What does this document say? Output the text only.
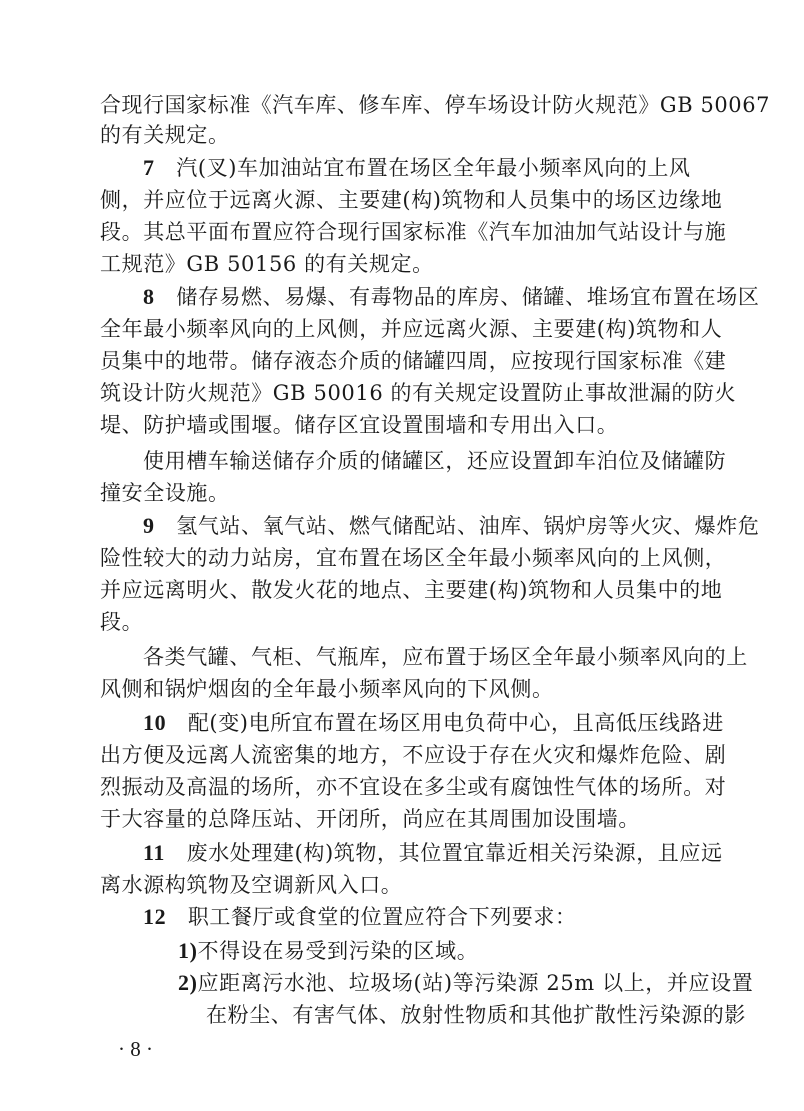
合现行国家标准《汽车库、修车库、停车场设计防火规范》GB 50067
的有关规定。
7  汽(叉)车加油站宜布置在场区全年最小频率风向的上风
侧，并应位于远离火源、主要建(构)筑物和人员集中的场区边缘地
段。其总平面布置应符合现行国家标准《汽车加油加气站设计与施
工规范》GB 50156 的有关规定。
8  储存易燃、易爆、有毒物品的库房、储罐、堆场宜布置在场区
全年最小频率风向的上风侧，并应远离火源、主要建(构)筑物和人
员集中的地带。储存液态介质的储罐四周，应按现行国家标准《建
筑设计防火规范》GB 50016 的有关规定设置防止事故泄漏的防火
堤、防护墙或围堰。储存区宜设置围墙和专用出入口。
使用槽车输送储存介质的储罐区，还应设置卸车泊位及储罐防
撞安全设施。
9  氢气站、氧气站、燃气储配站、油库、锅炉房等火灾、爆炸危
险性较大的动力站房，宜布置在场区全年最小频率风向的上风侧，
并应远离明火、散发火花的地点、主要建(构)筑物和人员集中的地
段。
各类气罐、气柜、气瓶库，应布置于场区全年最小频率风向的上
风侧和锅炉烟囱的全年最小频率风向的下风侧。
10  配(变)电所宜布置在场区用电负荷中心，且高低压线路进
出方便及远离人流密集的地方，不应设于存在火灾和爆炸危险、剧
烈振动及高温的场所，亦不宜设在多尘或有腐蚀性气体的场所。对
于大容量的总降压站、开闭所，尚应在其周围加设围墙。
11  废水处理建(构)筑物，其位置宜靠近相关污染源，且应远
离水源构筑物及空调新风入口。
12  职工餐厅或食堂的位置应符合下列要求：
1)不得设在易受到污染的区域。
2)应距离污水池、垃圾场(站)等污染源 25m 以上，并应设置
在粉尘、有害气体、放射性物质和其他扩散性污染源的影
· 8 ·
